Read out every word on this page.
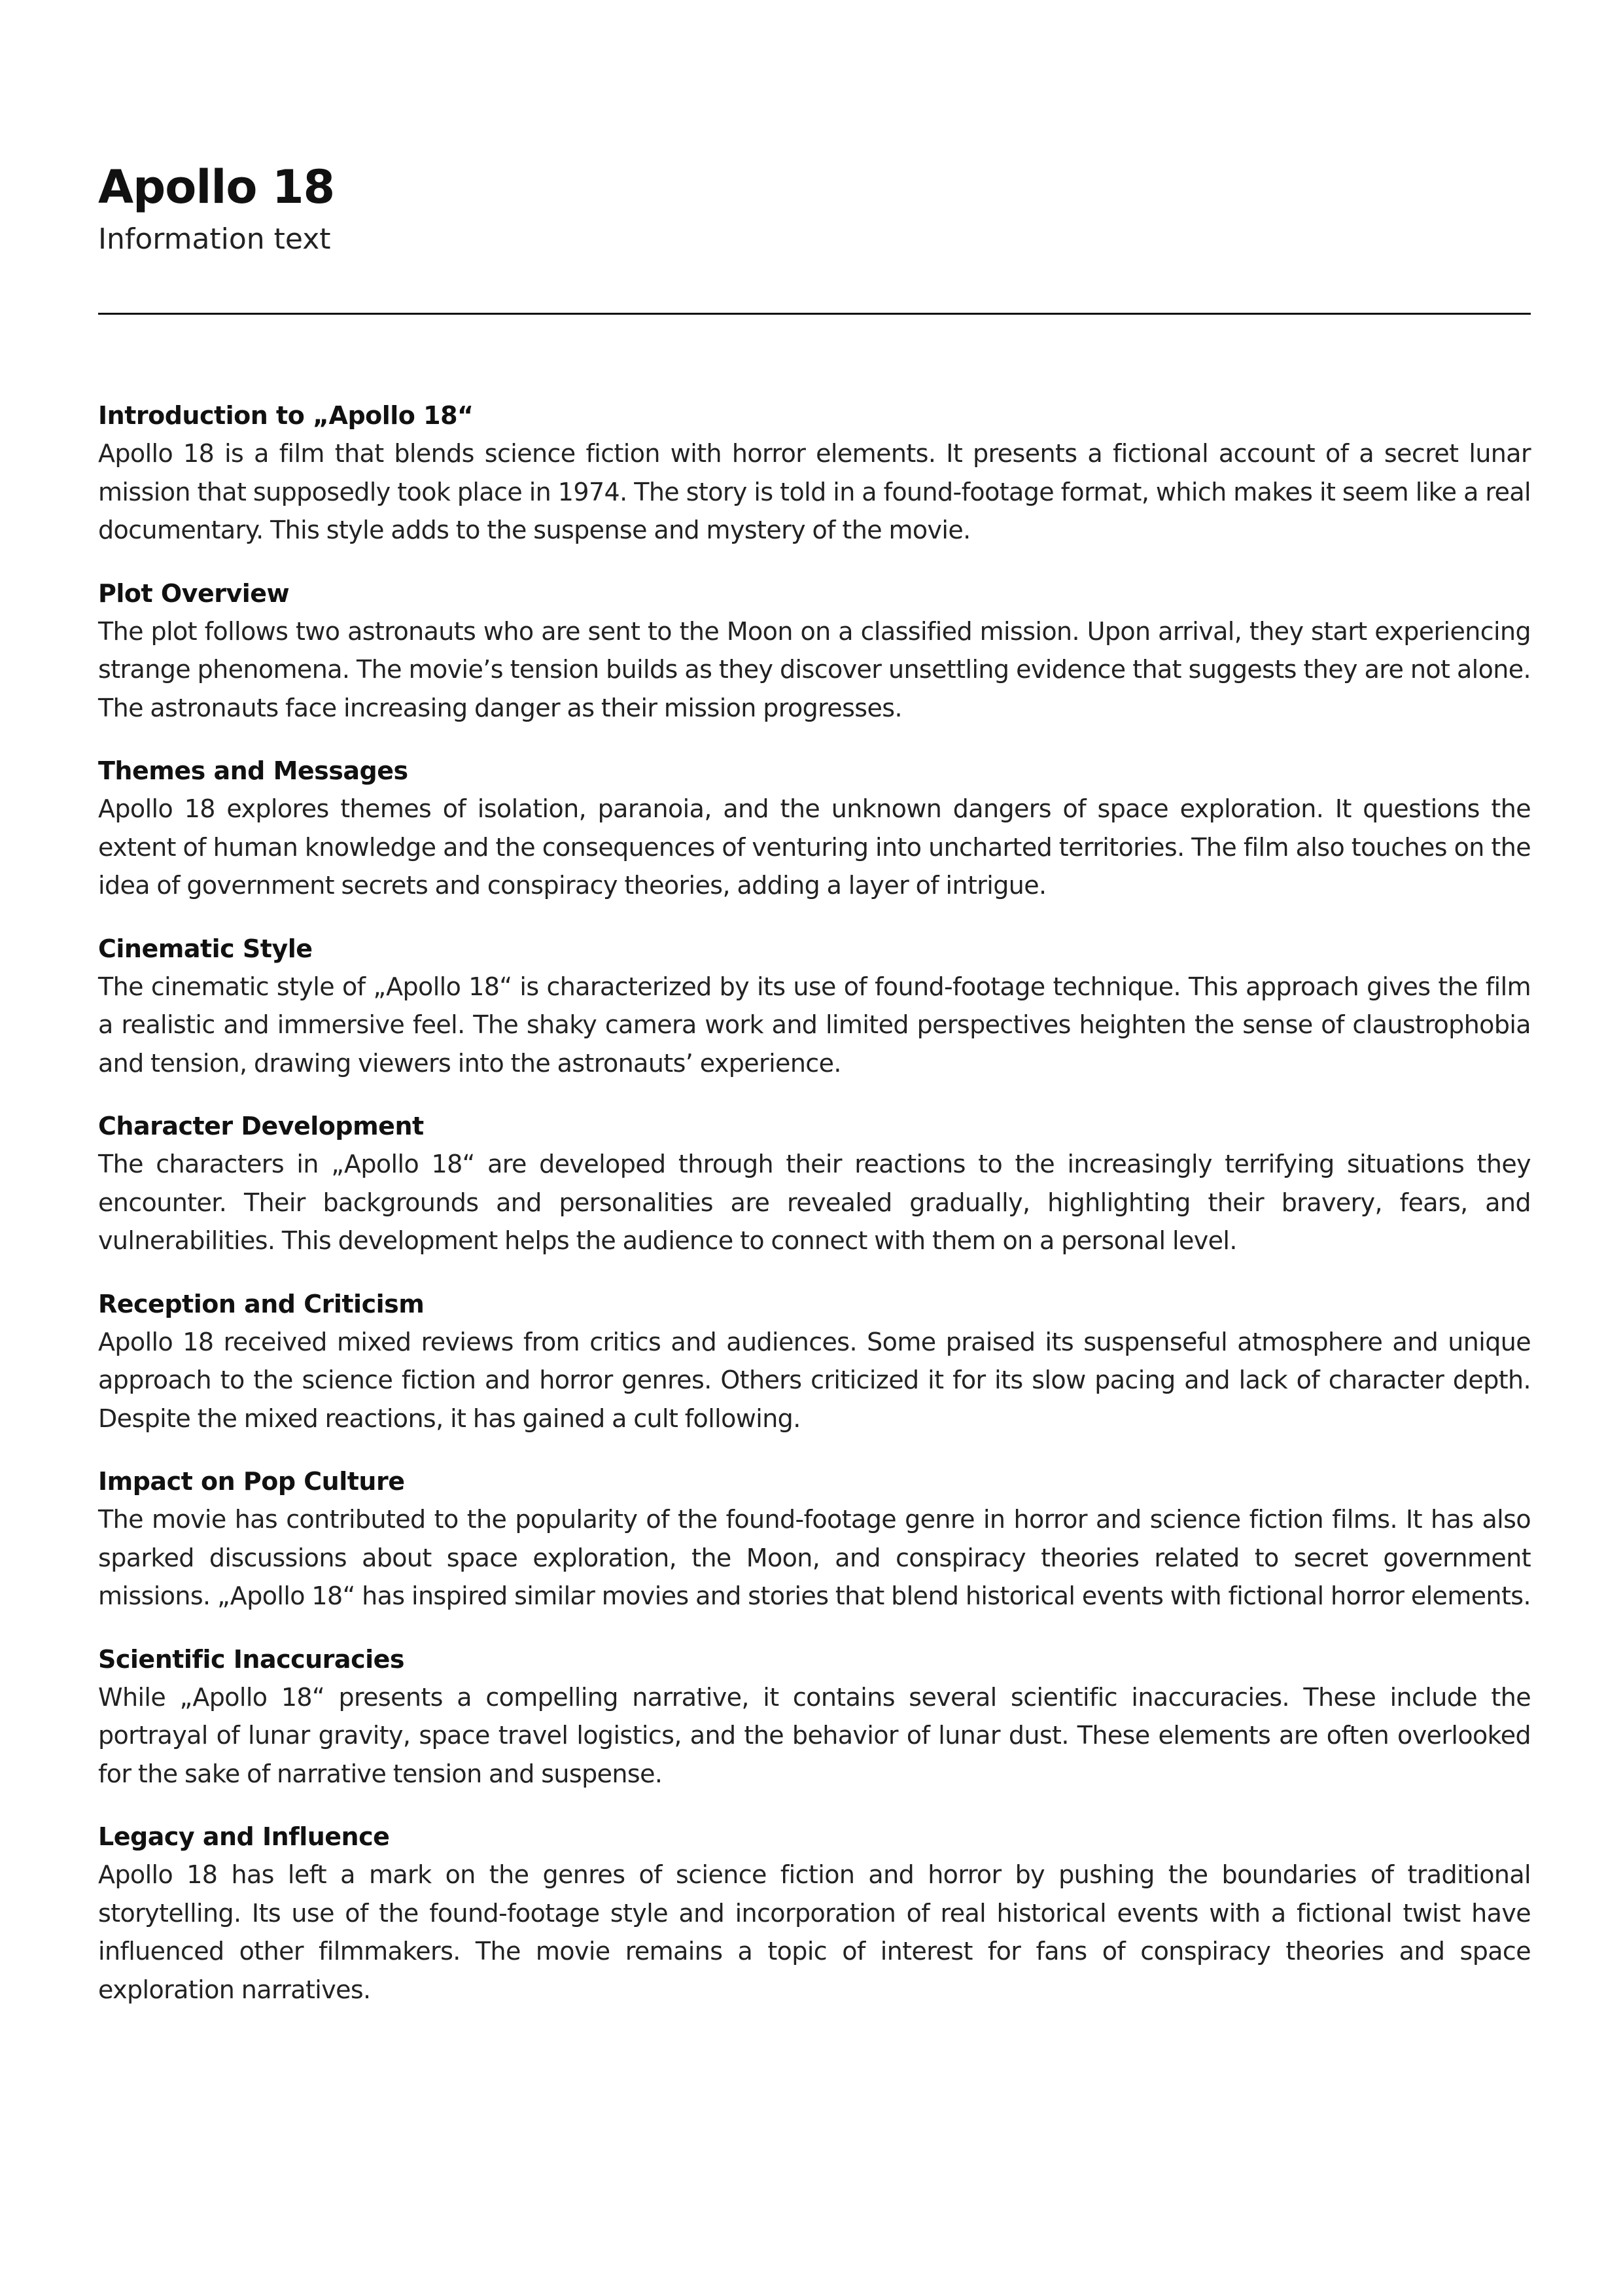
Apollo 18

Information text

Introduction to „Apollo 18“

Apollo 18 is a film that blends science fiction with horror elements. It presents a fictional account of a secret lunar mission that supposedly took place in 1974. The story is told in a found-footage format, which makes it seem like a real documentary. This style adds to the suspense and mystery of the movie.

Plot Overview

The plot follows two astronauts who are sent to the Moon on a classified mission. Upon arrival, they start experiencing strange phenomena. The movie’s tension builds as they discover unsettling evidence that suggests they are not alone. The astronauts face increasing danger as their mission progresses.

Themes and Messages

Apollo 18 explores themes of isolation, paranoia, and the unknown dangers of space exploration. It questions the extent of human knowledge and the consequences of venturing into uncharted territories. The film also touches on the idea of government secrets and conspiracy theories, adding a layer of intrigue.

Cinematic Style

The cinematic style of „Apollo 18“ is characterized by its use of found-footage technique. This approach gives the film a realistic and immersive feel. The shaky camera work and limited perspectives heighten the sense of claustrophobia and tension, drawing viewers into the astronauts’ experience.

Character Development

The characters in „Apollo 18“ are developed through their reactions to the increasingly terrifying situations they encounter. Their backgrounds and personalities are revealed gradually, highlighting their bravery, fears, and vulnerabilities. This development helps the audience to connect with them on a personal level.

Reception and Criticism

Apollo 18 received mixed reviews from critics and audiences. Some praised its suspenseful atmosphere and unique approach to the science fiction and horror genres. Others criticized it for its slow pacing and lack of character depth. Despite the mixed reactions, it has gained a cult following.

Impact on Pop Culture

The movie has contributed to the popularity of the found-footage genre in horror and science fiction films. It has also sparked discussions about space exploration, the Moon, and conspiracy theories related to secret government missions. „Apollo 18“ has inspired similar movies and stories that blend historical events with fictional horror elements.

Scientific Inaccuracies

While „Apollo 18“ presents a compelling narrative, it contains several scientific inaccuracies. These include the portrayal of lunar gravity, space travel logistics, and the behavior of lunar dust. These elements are often overlooked for the sake of narrative tension and suspense.

Legacy and Influence

Apollo 18 has left a mark on the genres of science fiction and horror by pushing the boundaries of traditional storytelling. Its use of the found-footage style and incorporation of real historical events with a fictional twist have influenced other filmmakers. The movie remains a topic of interest for fans of conspiracy theories and space exploration narratives.
